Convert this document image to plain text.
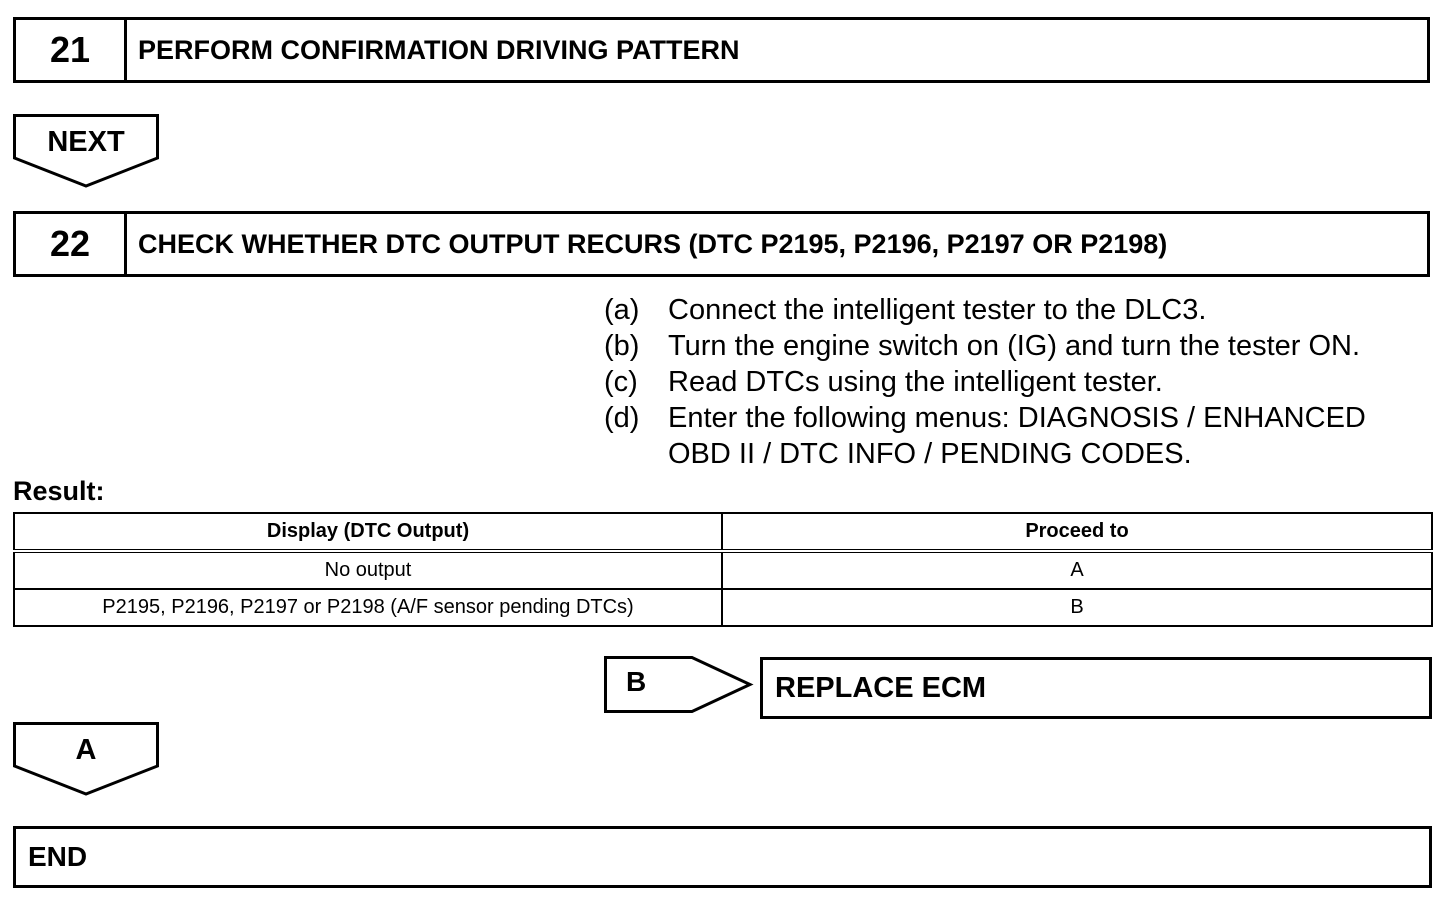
21	PERFORM CONFIRMATION DRIVING PATTERN
NEXT
22	CHECK WHETHER DTC OUTPUT RECURS (DTC P2195, P2196, P2197 OR P2198)
(a) Connect the intelligent tester to the DLC3.
(b) Turn the engine switch on (IG) and turn the tester ON.
(c)	Read DTCs using the intelligent tester.
(d) Enter the following menus: DIAGNOSIS / ENHANCED OBD II / DTC INFO / PENDING CODES.
Result:
Display (DTC Output)	Proceed to
No output	A
P2195, P2196, P2197 or P2198 (A/F sensor pending DTCs)	B
B	REPLACE ECM
A
END
